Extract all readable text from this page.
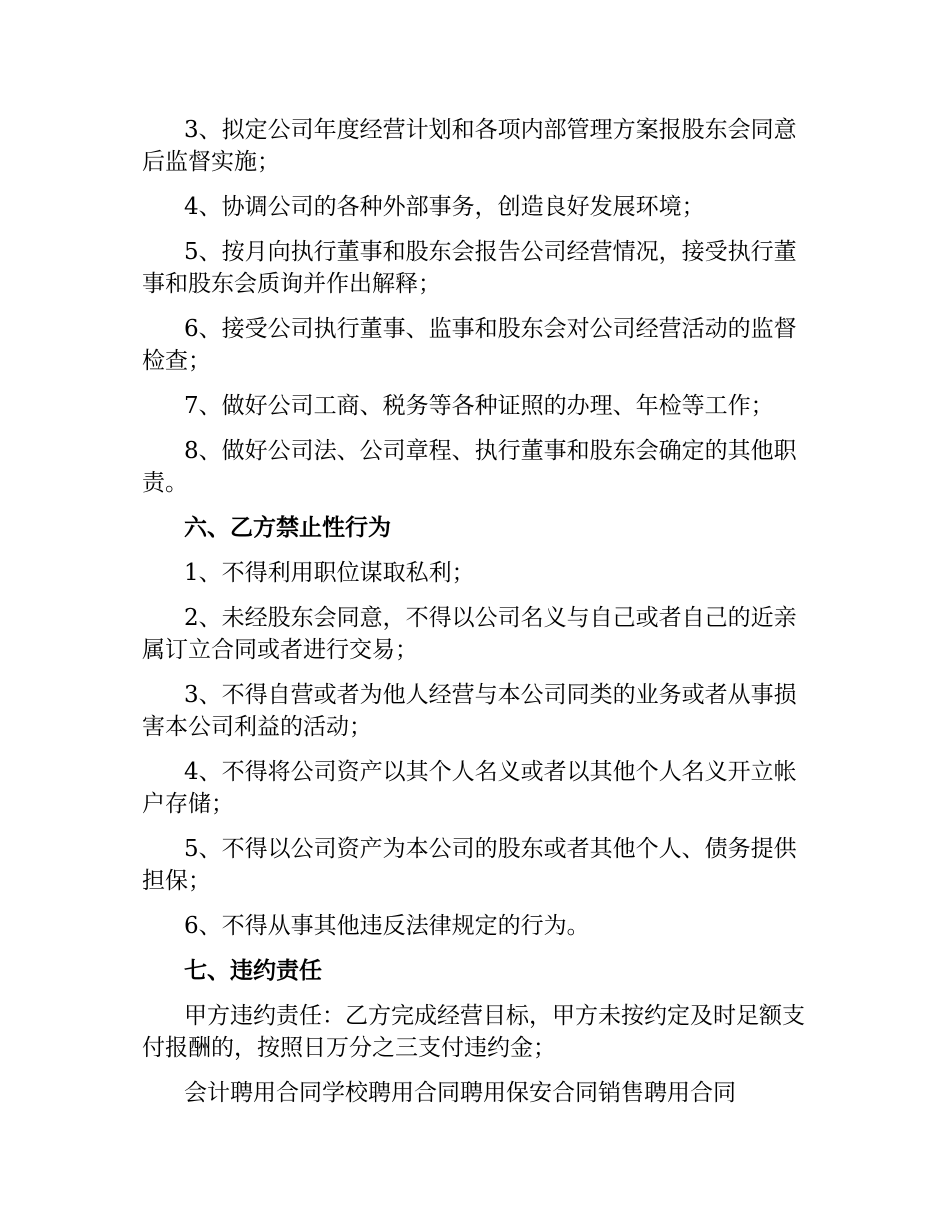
3、拟定公司年度经营计划和各项内部管理方案报股东会同意后监督实施；

4、协调公司的各种外部事务，创造良好发展环境；

5、按月向执行董事和股东会报告公司经营情况，接受执行董事和股东会质询并作出解释；

6、接受公司执行董事、监事和股东会对公司经营活动的监督检查；

7、做好公司工商、税务等各种证照的办理、年检等工作；

8、做好公司法、公司章程、执行董事和股东会确定的其他职责。

六、乙方禁止性行为

1、不得利用职位谋取私利；

2、未经股东会同意，不得以公司名义与自己或者自己的近亲属订立合同或者进行交易；

3、不得自营或者为他人经营与本公司同类的业务或者从事损害本公司利益的活动；

4、不得将公司资产以其个人名义或者以其他个人名义开立帐户存储；

5、不得以公司资产为本公司的股东或者其他个人、债务提供担保；

6、不得从事其他违反法律规定的行为。

七、违约责任

甲方违约责任：乙方完成经营目标，甲方未按约定及时足额支付报酬的，按照日万分之三支付违约金；

会计聘用合同学校聘用合同聘用保安合同销售聘用合同
